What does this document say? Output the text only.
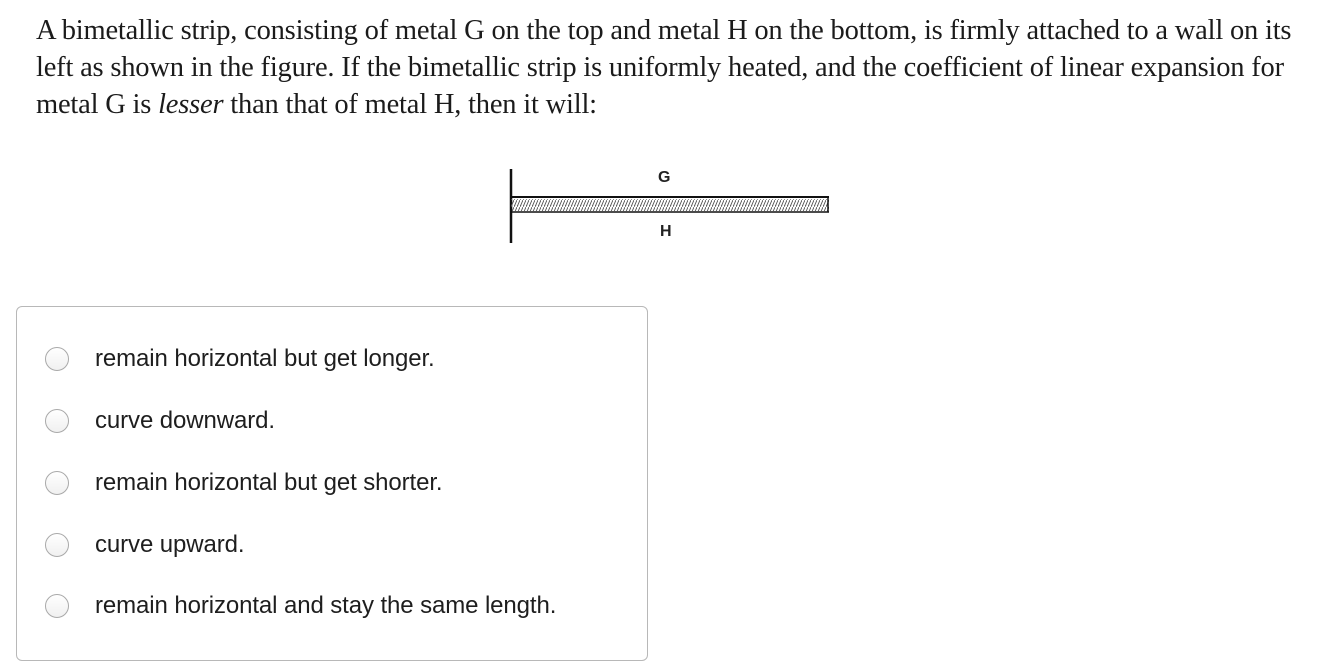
A bimetallic strip, consisting of metal G on the top and metal H on the bottom, is firmly attached to a wall on its left as shown in the figure. If the bimetallic strip is uniformly heated, and the coefficient of linear expansion for metal G is lesser than that of metal H, then it will:

G
H
remain horizontal but get longer.
curve downward.
remain horizontal but get shorter.
curve upward.
remain horizontal and stay the same length.
